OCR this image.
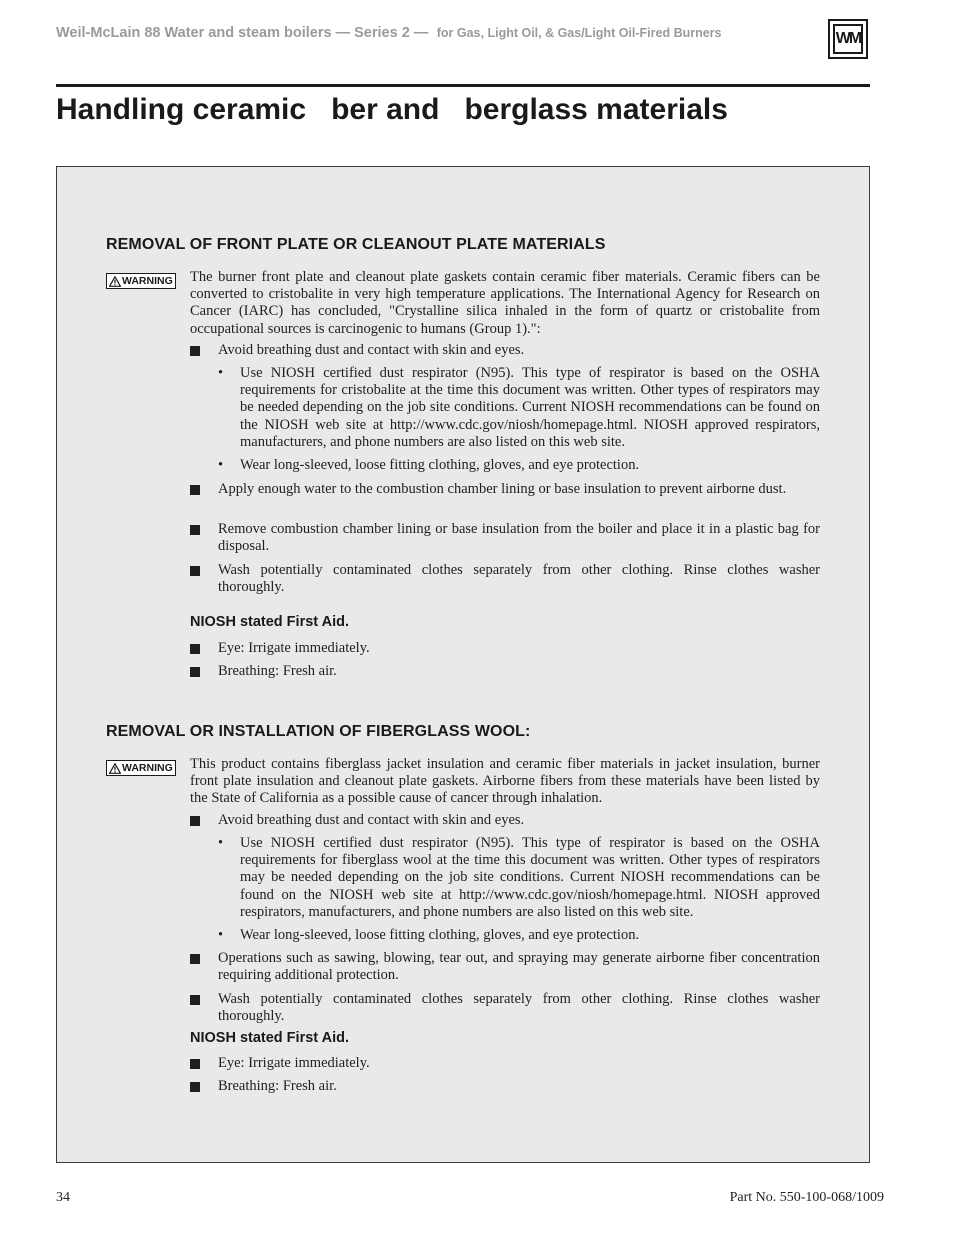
Weil-McLain 88 Water and steam boilers — Series 2 — for Gas, Light Oil, & Gas/Light Oil-Fired Burners	WM
Handling ceramic   ber and   berglass materials
REMOVAL OF FRONT PLATE OR CLEANOUT PLATE MATERIALS
WARNING The burner front plate and cleanout plate gaskets contain ceramic fiber materials. Ceramic fibers can be converted to cristobalite in very high temperature applications. The International Agency for Research on Cancer (IARC) has concluded, "Crystalline silica inhaled in the form of quartz or cristobalite from occupational sources is carcinogenic to humans (Group 1).":
Avoid breathing dust and contact with skin and eyes.
• Use NIOSH certified dust respirator (N95). This type of respirator is based on the OSHA requirements for cristobalite at the time this document was written. Other types of respirators may be needed depending on the job site conditions. Current NIOSH recommendations can be found on the NIOSH web site at http://www.cdc.gov/niosh/homepage.html. NIOSH approved respirators, manufacturers, and phone numbers are also listed on this web site.
• Wear long-sleeved, loose fitting clothing, gloves, and eye protection.
Apply enough water to the combustion chamber lining or base insulation to prevent airborne dust.
Remove combustion chamber lining or base insulation from the boiler and place it in a plastic bag for disposal.
Wash potentially contaminated clothes separately from other clothing. Rinse clothes washer thoroughly.
NIOSH stated First Aid.
Eye: Irrigate immediately.
Breathing: Fresh air.
REMOVAL OR INSTALLATION OF FIBERGLASS WOOL:
WARNING This product contains fiberglass jacket insulation and ceramic fiber materials in jacket insulation, burner front plate insulation and cleanout plate gaskets. Airborne fibers from these materials have been listed by the State of California as a possible cause of cancer through inhalation.
Avoid breathing dust and contact with skin and eyes.
• Use NIOSH certified dust respirator (N95). This type of respirator is based on the OSHA requirements for fiberglass wool at the time this document was written. Other types of respirators may be needed depending on the job site conditions. Current NIOSH recommendations can be found on the NIOSH web site at http://www.cdc.gov/niosh/homepage.html. NIOSH approved respirators, manufacturers, and phone numbers are also listed on this web site.
• Wear long-sleeved, loose fitting clothing, gloves, and eye protection.
Operations such as sawing, blowing, tear out, and spraying may generate airborne fiber concentration requiring additional protection.
Wash potentially contaminated clothes separately from other clothing. Rinse clothes washer thoroughly.
NIOSH stated First Aid.
Eye: Irrigate immediately.
Breathing: Fresh air.
34	Part No. 550-100-068/1009
